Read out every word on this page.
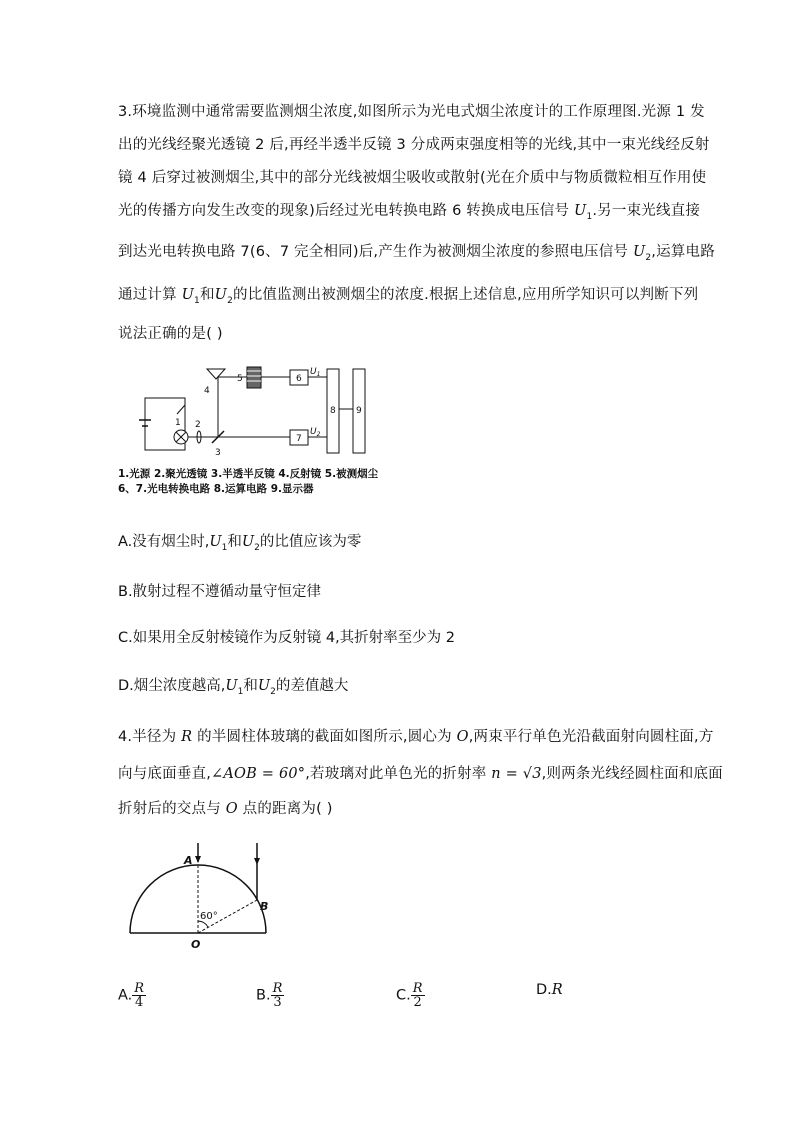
3.环境监测中通常需要监测烟尘浓度,如图所示为光电式烟尘浓度计的工作原理图.光源 1 发
出的光线经聚光透镜 2 后,再经半透半反镜 3 分成两束强度相等的光线,其中一束光线经反射
镜 4 后穿过被测烟尘,其中的部分光线被烟尘吸收或散射(光在介质中与物质微粒相互作用使
光的传播方向发生改变的现象)后经过光电转换电路 6 转换成电压信号 $U_1$.另一束光线直接
到达光电转换电路 7(6、7 完全相同)后,产生作为被测烟尘浓度的参照电压信号 $U_2$,运算电路
通过计算 $U_1$和$U_2$的比值监测出被测烟尘的浓度.根据上述信息,应用所学知识可以判断下列
说法正确的是( )
1 2
3
4
5	6
7
8 9
$U_1$
$U_2$
1.光源 2.聚光透镜 3.半透半反镜 4.反射镜 5.被测烟尘
6、7.光电转换电路 8.运算电路 9.显示器
A.没有烟尘时$,U_1$和$U_2$的比值应该为零
B.散射过程不遵循动量守恒定律
C.如果用全反射棱镜作为反射镜 4,其折射率至少为 2
D.烟尘浓度越高$,U_1$和$U_2$的差值越大
4.半径为 R 的半圆柱体玻璃的截面如图所示,圆心为 O,两束平行单色光沿截面射向圆柱面,方
向与底面垂直,∠AOB = 60°,若玻璃对此单色光的折射率 n = √3,则两条光线经圆柱面和底面
折射后的交点与 O 点的距离为( )
A
B
O
60°
A. $\frac{R}{4}$	B. $\frac{R}{3}$	C. $\frac{R}{2}$	D.R
